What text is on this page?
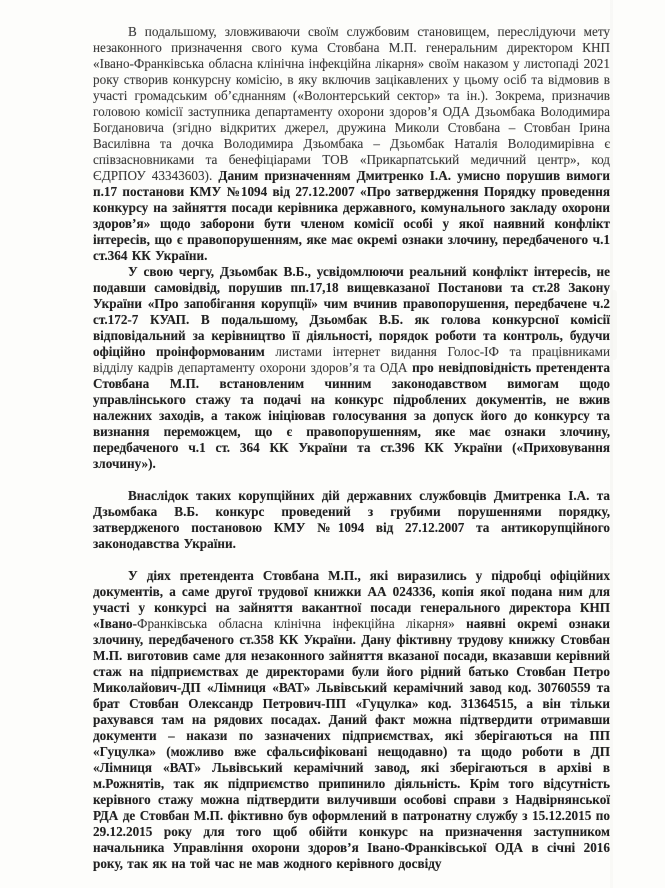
В подальшому, зловживаючи своїм службовим становищем, переслідуючи мету незаконного призначення свого кума Стовбана М.П. генеральним директором КНП «Івано-Франківська обласна клінічна інфекційна лікарня» своїм наказом у листопаді 2021 року створив конкурсну комісію, в яку включив зацікавлених у цьому осіб та відмовив в участі громадським об’єднанням («Волонтерський сектор» та ін.). Зокрема, призначив головою комісії заступника департаменту охорони здоров’я ОДА Дзьомбака Володимира Богдановича (згідно відкритих джерел, дружина Миколи Стовбана – Стовбан Ірина Василівна та дочка Володимира Дзьомбака – Дзьомбак Наталія Володимирівна є співзасновниками та бенефіціарами ТОВ «Прикарпатський медичний центр», код ЄДРПОУ 43343603). Даним призначенням Дмитренко І.А. умисно порушив вимоги п.17 постанови КМУ №1094 від 27.12.2007 «Про затвердження Порядку проведення конкурсу на зайняття посади керівника державного, комунального закладу охорони здоров’я» щодо заборони бути членом комісії особі у якої наявний конфлікт інтересів, що є правопорушенням, яке має окремі ознаки злочину, передбаченого ч.1 ст.364 КК України.

У свою чергу, Дзьомбак В.Б., усвідомлюючи реальний конфлікт інтересів, не подавши самовідвід, порушив пп.17,18 вищевказаної Постанови та ст.28 Закону України «Про запобігання корупції» чим вчинив правопорушення, передбачене ч.2 ст.172-7 КУАП. В подальшому, Дзьомбак В.Б. як голова конкурсної комісії відповідальний за керівництво її діяльності, порядок роботи та контроль, будучи офіційно проінформованим листами інтернет видання Голос-ІФ та працівниками відділу кадрів департаменту охорони здоров’я та ОДА про невідповідність претендента Стовбана М.П. встановленим чинним законодавством вимогам щодо управлінського стажу та подачі на конкурс підроблених документів, не вжив належних заходів, а також ініціював голосування за допуск його до конкурсу та визнання переможцем, що є правопорушенням, яке має ознаки злочину, передбаченого ч.1 ст. 364 КК України та ст.396 КК України («Приховування злочину»).

Внаслідок таких корупційних дій державних службовців Дмитренка І.А. та Дзьомбака В.Б. конкурс проведений з грубими порушеннями порядку, затвердженого постановою КМУ №1094 від 27.12.2007 та антикорупційного законодавства України.

У діях претендента Стовбана М.П., які виразились у підробці офіційних документів, а саме другої трудової книжки АА 024336, копія якої подана ним для участі у конкурсі на зайняття вакантної посади генерального директора КНП «Івано-Франківська обласна клінічна інфекційна лікарня» наявні окремі ознаки злочину, передбаченого ст.358 КК України. Дану фіктивну трудову книжку Стовбан М.П. виготовив саме для незаконного зайняття вказаної посади, вказавши керівний стаж на підприємствах де директорами були його рідний батько Стовбан Петро Миколайович-ДП «Лімниця «ВАТ» Львівський керамічний завод код. 30760559 та брат Стовбан Олександр Петрович-ПП «Гуцулка» код. 31364515, а він тільки рахувався там на рядових посадах. Даний факт можна підтвердити отримавши документи – накази по зазначених підприємствах, які зберігаються на ПП «Гуцулка» (можливо вже сфальсифіковані нещодавно) та щодо роботи в ДП «Лімниця «ВАТ» Львівський керамічний завод, які зберігаються в архіві в м.Рожнятів, так як підприємство припинило діяльність. Крім того відсутність керівного стажу можна підтвердити вилучивши особові справи з Надвірнянської РДА де Стовбан М.П. фіктивно був оформлений в патронатну службу з 15.12.2015 по 29.12.2015 року для того щоб обійти конкурс на призначення заступником начальника Управління охорони здоров’я Івано-Франківської ОДА в січні 2016 року, так як на той час не мав жодного керівного досвіду
